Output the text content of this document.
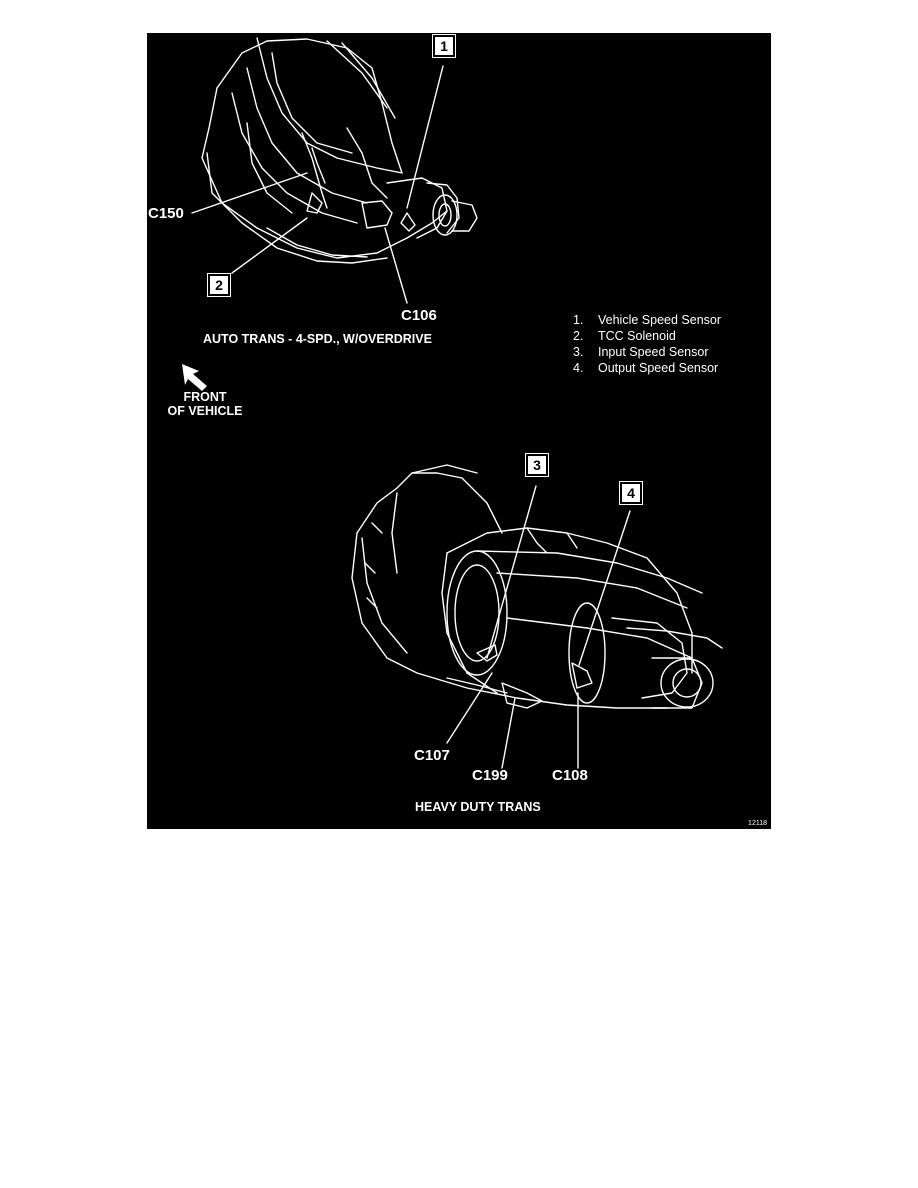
1
2
3
4
C150
C106
C107
C199	C108
AUTO TRANS - 4-SPD., W/OVERDRIVE
HEAVY DUTY TRANS
FRONT
OF VEHICLE
1.	Vehicle Speed Sensor
2.	TCC Solenoid
3.	Input Speed Sensor
4.	Output Speed Sensor
12118
